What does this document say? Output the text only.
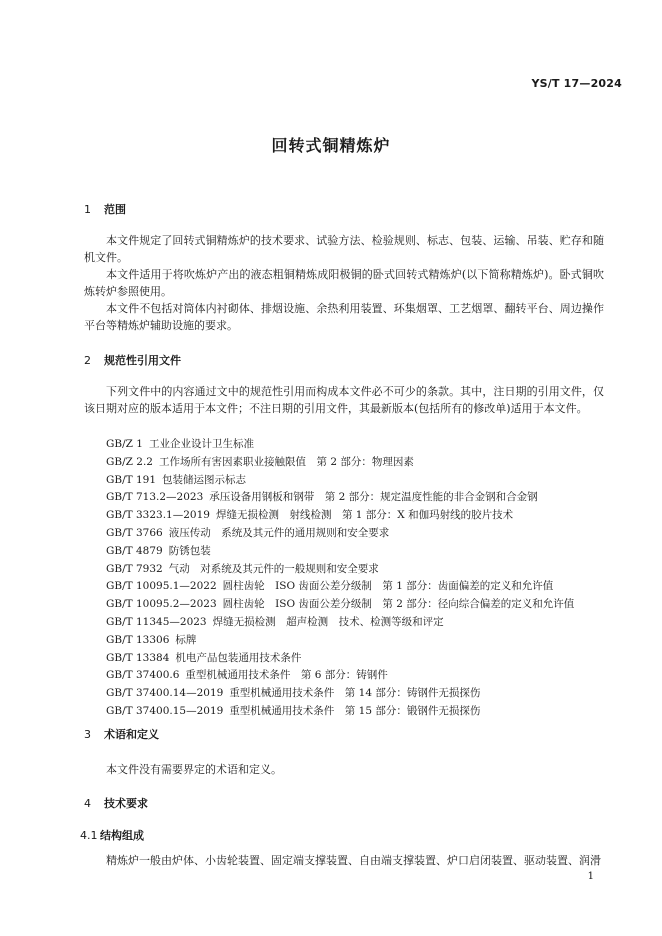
YS/T 17—2024
回转式铜精炼炉
1 范围

本文件规定了回转式铜精炼炉的技术要求、试验方法、检验规则、标志、包装、运输、吊装、贮存和随机文件。

本文件适用于将吹炼炉产出的液态粗铜精炼成阳极铜的卧式回转式精炼炉(以下简称精炼炉)。卧式铜吹炼转炉参照使用。

本文件不包括对筒体内衬砌体、排烟设施、余热利用装置、环集烟罩、工艺烟罩、翻转平台、周边操作平台等精炼炉辅助设施的要求。

2 规范性引用文件

下列文件中的内容通过文中的规范性引用而构成本文件必不可少的条款。其中，注日期的引用文件，仅该日期对应的版本适用于本文件；不注日期的引用文件，其最新版本(包括所有的修改单)适用于本文件。

GB/Z 1 工业企业设计卫生标准
GB/Z 2.2 工作场所有害因素职业接触限值　第 2 部分：物理因素
GB/T 191 包装储运图示标志
GB/T 713.2—2023 承压设备用钢板和钢带　第 2 部分：规定温度性能的非合金钢和合金钢
GB/T 3323.1—2019 焊缝无损检测　射线检测　第 1 部分：X 和伽玛射线的胶片技术
GB/T 3766 液压传动　系统及其元件的通用规则和安全要求
GB/T 4879 防锈包装
GB/T 7932 气动　对系统及其元件的一般规则和安全要求
GB/T 10095.1—2022 圆柱齿轮　ISO 齿面公差分级制　第 1 部分：齿面偏差的定义和允许值
GB/T 10095.2—2023 圆柱齿轮　ISO 齿面公差分级制　第 2 部分：径向综合偏差的定义和允许值
GB/T 11345—2023 焊缝无损检测　超声检测　技术、检测等级和评定
GB/T 13306 标牌
GB/T 13384 机电产品包装通用技术条件
GB/T 37400.6 重型机械通用技术条件　第 6 部分：铸钢件
GB/T 37400.14—2019 重型机械通用技术条件　第 14 部分：铸钢件无损探伤
GB/T 37400.15—2019 重型机械通用技术条件　第 15 部分：锻钢件无损探伤
3 术语和定义

本文件没有需要界定的术语和定义。

4 技术要求
4.1 结构组成

精炼炉一般由炉体、小齿轮装置、固定端支撑装置、自由端支撑装置、炉口启闭装置、驱动装置、润滑

1
